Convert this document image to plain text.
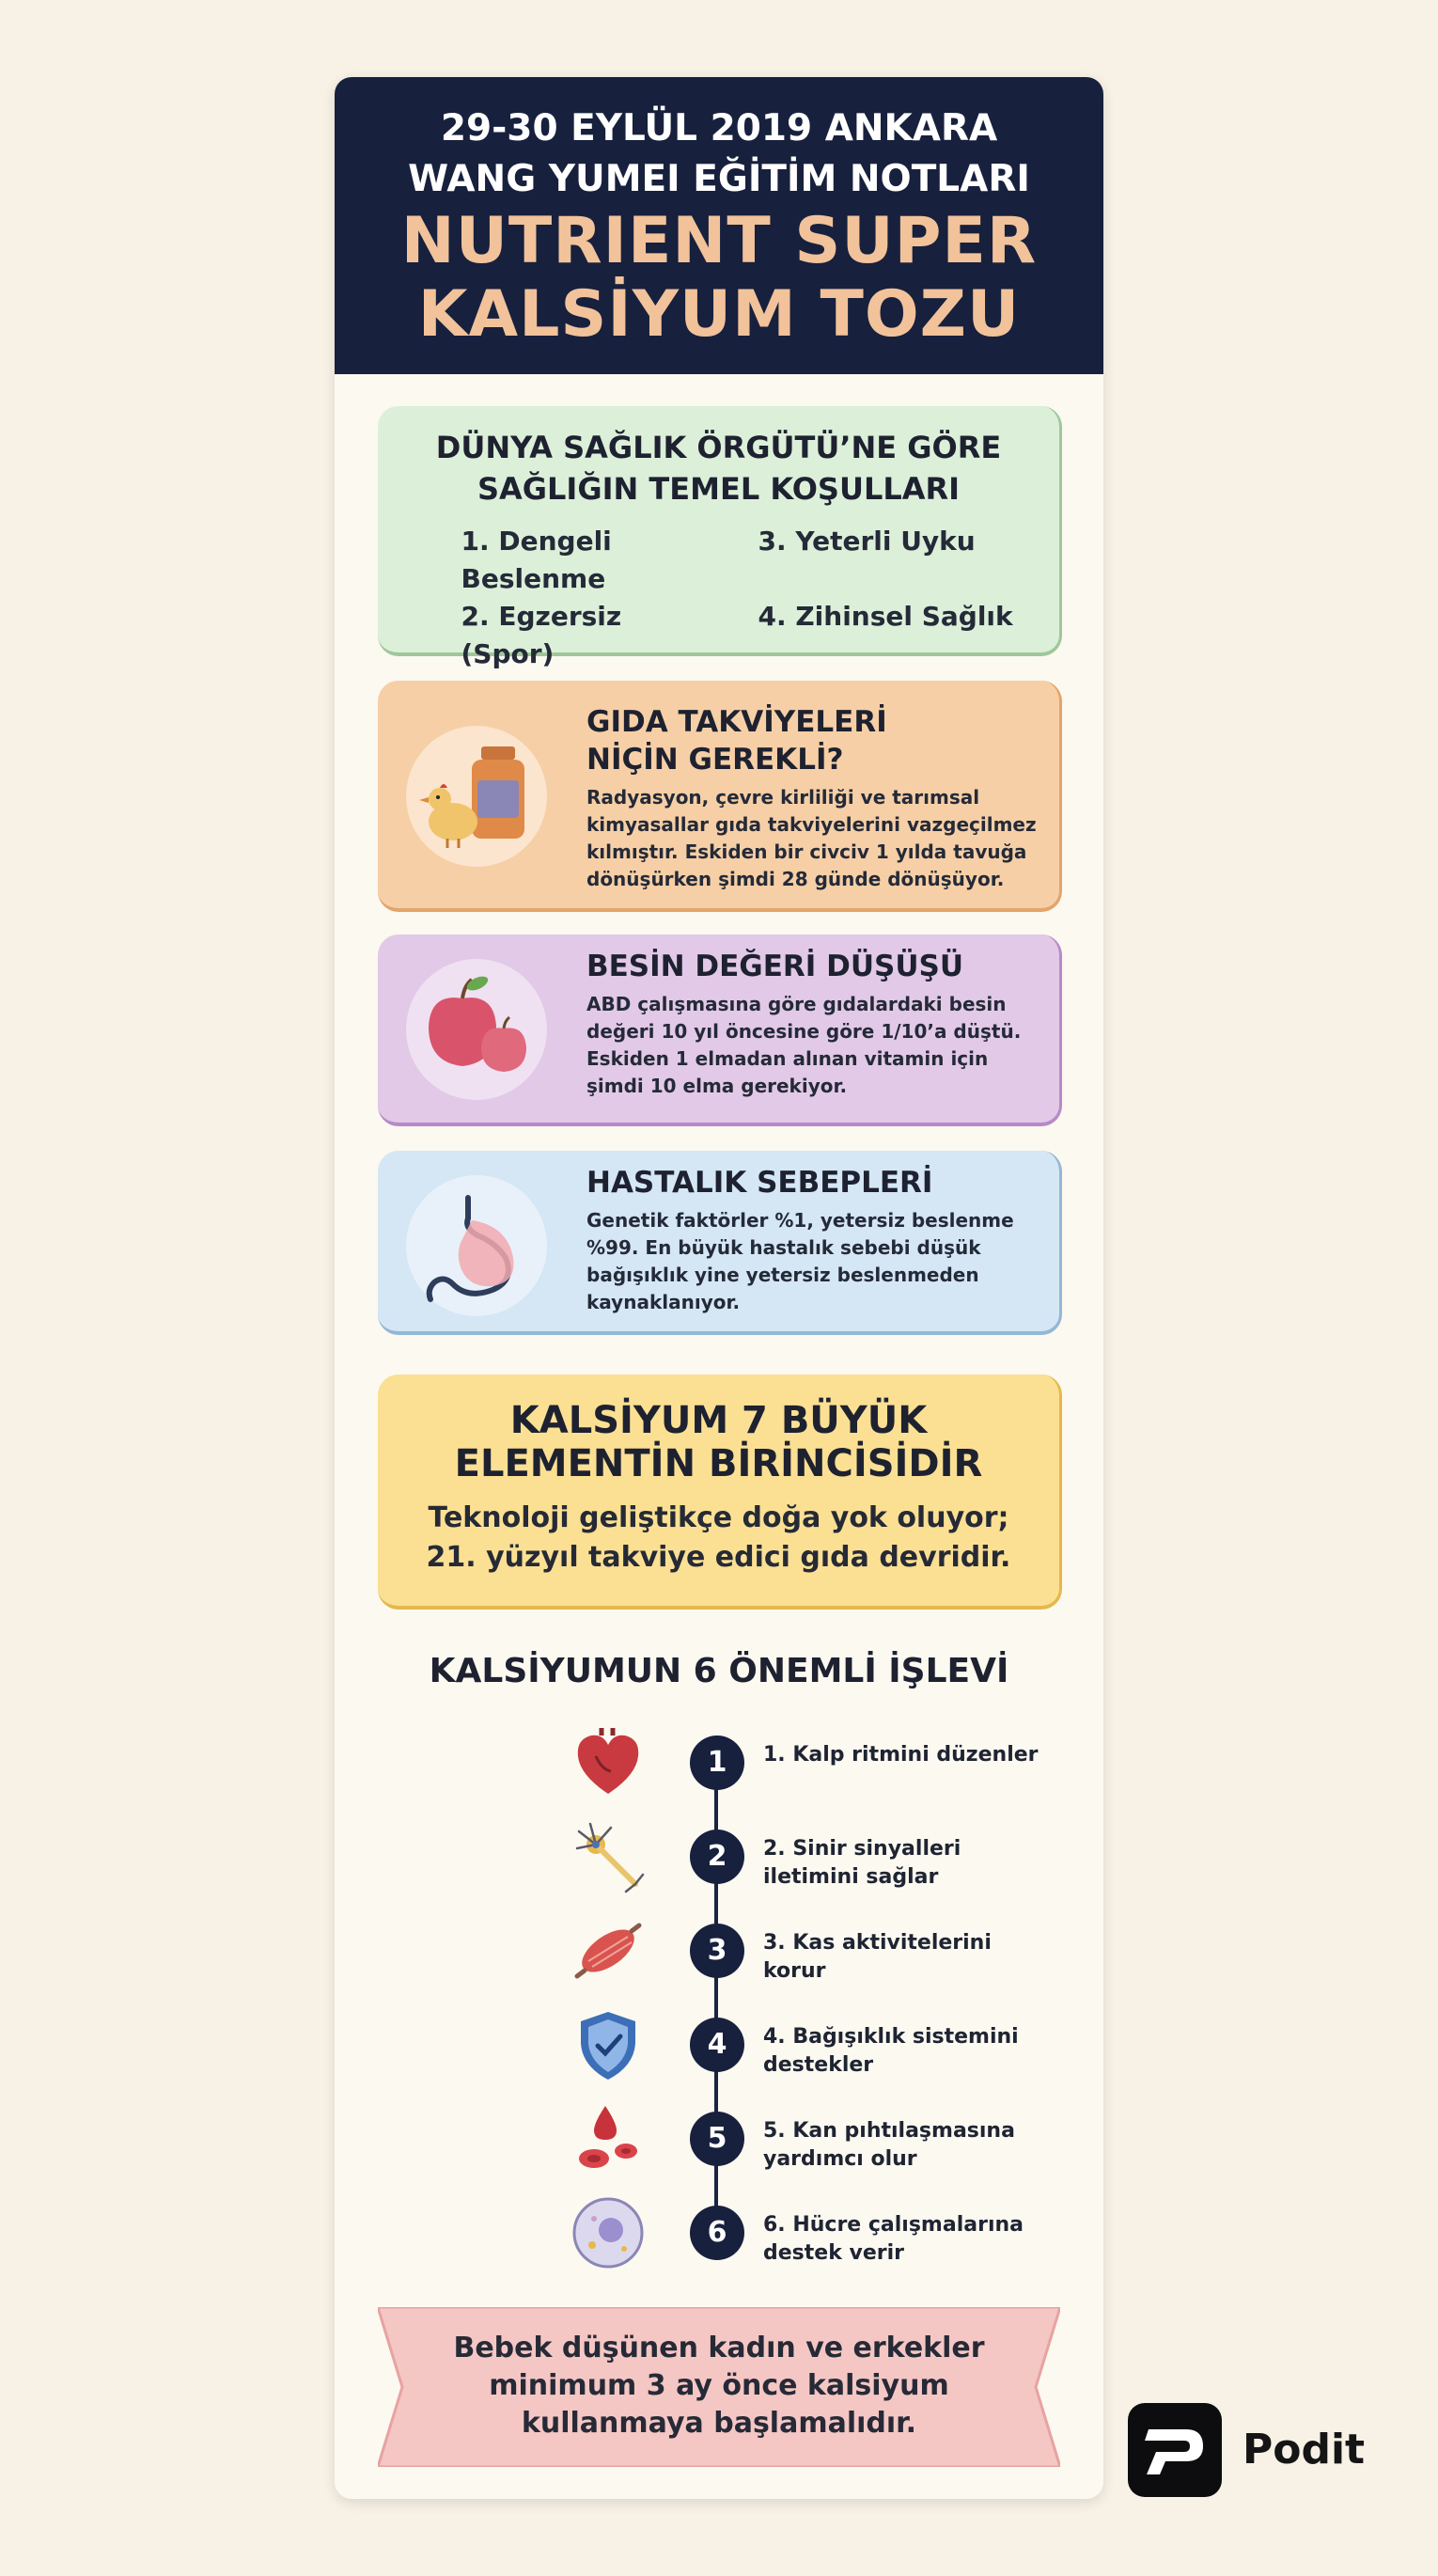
29-30 EYLÜL 2019 ANKARA
WANG YUMEI EĞİTİM NOTLARI
NUTRIENT SUPER
KALSİYUM TOZU
DÜNYA SAĞLIK ÖRGÜTÜ’NE GÖRE
SAĞLIĞIN TEMEL KOŞULLARI
1. Dengeli Beslenme
3. Yeterli Uyku
2. Egzersiz (Spor)
4. Zihinsel Sağlık
GIDA TAKVİYELERİ
NİÇİN GEREKLİ?
Radyasyon, çevre kirliliği ve tarımsal kimyasallar gıda takviyelerini vazgeçilmez kılmıştır. Eskiden bir civciv 1 yılda tavuğa dönüşürken şimdi 28 günde dönüşüyor.
BESİN DEĞERİ DÜŞÜŞÜ
ABD çalışmasına göre gıdalardaki besin değeri 10 yıl öncesine göre 1/10’a düştü. Eskiden 1 elmadan alınan vitamin için şimdi 10 elma gerekiyor.
HASTALIK SEBEPLERİ
Genetik faktörler %1, yetersiz beslenme %99. En büyük hastalık sebebi düşük bağışıklık yine yetersiz beslenmeden kaynaklanıyor.
KALSİYUM 7 BÜYÜK
ELEMENTİN BİRİNCİSİDİR
Teknoloji geliştikçe doğa yok oluyor;
21. yüzyıl takviye edici gıda devridir.
KALSİYUMUN 6 ÖNEMLİ İŞLEVİ
1	1. Kalp ritmini düzenler
2	2. Sinir sinyalleri iletimini sağlar
3	3. Kas aktivitelerini korur
4	4. Bağışıklık sistemini destekler
5	5. Kan pıhtılaşmasına yardımcı olur
6	6. Hücre çalışmalarına destek verir
Bebek düşünen kadın ve erkekler
minimum 3 ay önce kalsiyum
kullanmaya başlamalıdır.
Podit
